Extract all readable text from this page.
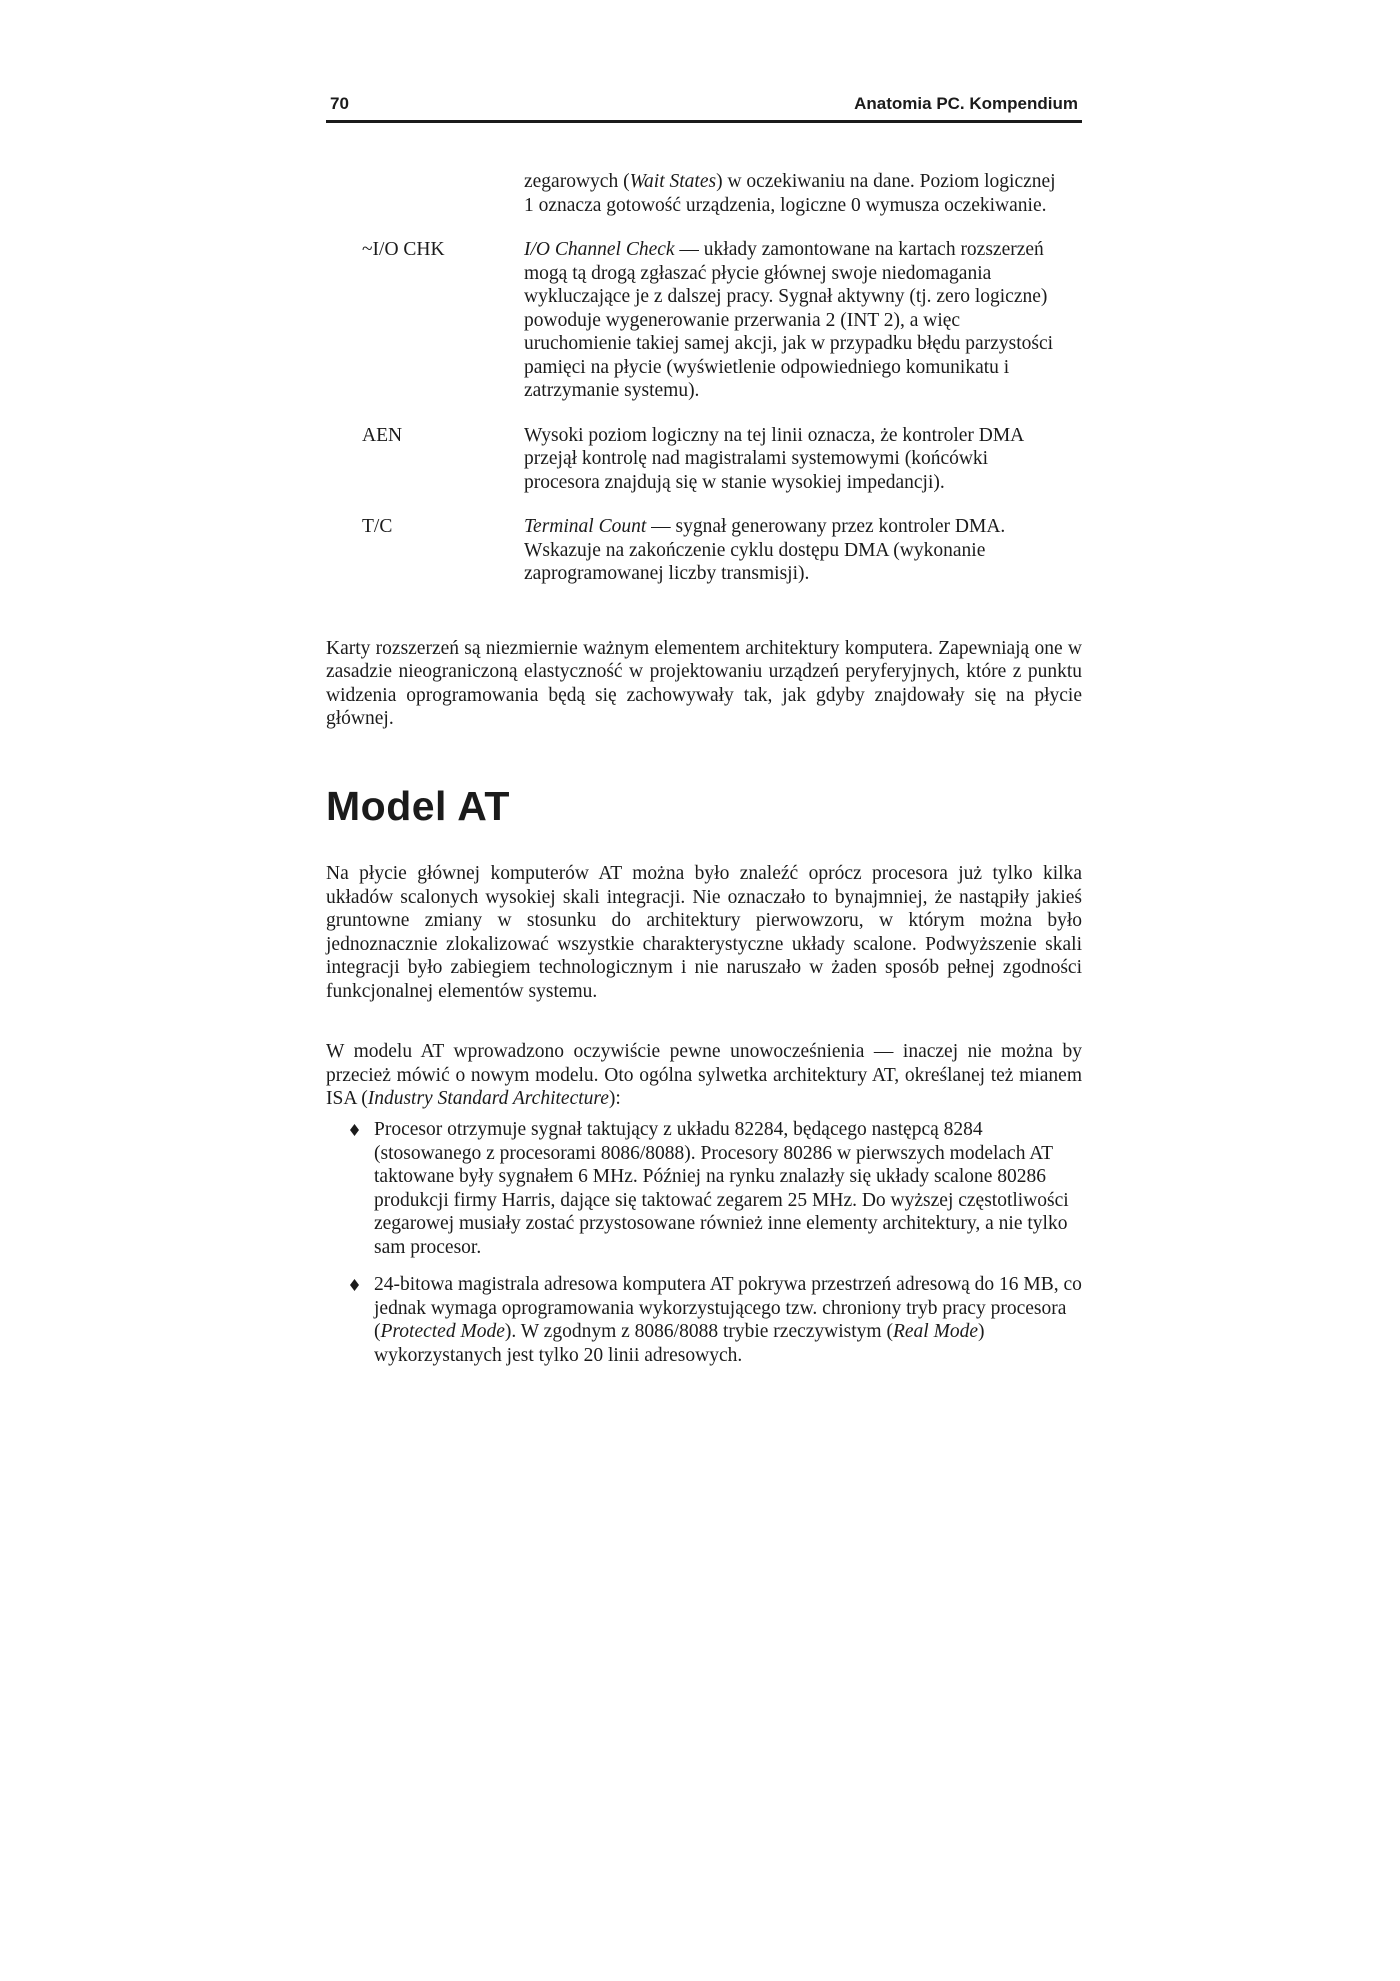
70	Anatomia PC. Kompendium
zegarowych (Wait States) w oczekiwaniu na dane. Poziom logicznej 1 oznacza gotowość urządzenia, logiczne 0 wymusza oczekiwanie.
~I/O CHK	I/O Channel Check — układy zamontowane na kartach rozszerzeń mogą tą drogą zgłaszać płycie głównej swoje niedomagania wykluczające je z dalszej pracy. Sygnał aktywny (tj. zero logiczne) powoduje wygenerowanie przerwania 2 (INT 2), a więc uruchomienie takiej samej akcji, jak w przypadku błędu parzystości pamięci na płycie (wyświetlenie odpowiedniego komunikatu i zatrzymanie systemu).
AEN	Wysoki poziom logiczny na tej linii oznacza, że kontroler DMA przejął kontrolę nad magistralami systemowymi (końcówki procesora znajdują się w stanie wysokiej impedancji).
T/C	Terminal Count — sygnał generowany przez kontroler DMA. Wskazuje na zakończenie cyklu dostępu DMA (wykonanie zaprogramowanej liczby transmisji).

Karty rozszerzeń są niezmiernie ważnym elementem architektury komputera. Zapewniają one w zasadzie nieograniczoną elastyczność w projektowaniu urządzeń peryferyjnych, które z punktu widzenia oprogramowania będą się zachowywały tak, jak gdyby znajdowały się na płycie głównej.

Model AT

Na płycie głównej komputerów AT można było znaleźć oprócz procesora już tylko kilka układów scalonych wysokiej skali integracji. Nie oznaczało to bynajmniej, że nastąpiły jakieś gruntowne zmiany w stosunku do architektury pierwowzoru, w którym można było jednoznacznie zlokalizować wszystkie charakterystyczne układy scalone. Podwyższenie skali integracji było zabiegiem technologicznym i nie naruszało w żaden sposób pełnej zgodności funkcjonalnej elementów systemu.

W modelu AT wprowadzono oczywiście pewne unowocześnienia — inaczej nie można by przecież mówić o nowym modelu. Oto ogólna sylwetka architektury AT, określanej też mianem ISA (Industry Standard Architecture):

Procesor otrzymuje sygnał taktujący z układu 82284, będącego następcą 8284 (stosowanego z procesorami 8086/8088). Procesory 80286 w pierwszych modelach AT taktowane były sygnałem 6 MHz. Później na rynku znalazły się układy scalone 80286 produkcji firmy Harris, dające się taktować zegarem 25 MHz. Do wyższej częstotliwości zegarowej musiały zostać przystosowane również inne elementy architektury, a nie tylko sam procesor.
24-bitowa magistrala adresowa komputera AT pokrywa przestrzeń adresową do 16 MB, co jednak wymaga oprogramowania wykorzystującego tzw. chroniony tryb pracy procesora (Protected Mode). W zgodnym z 8086/8088 trybie rzeczywistym (Real Mode) wykorzystanych jest tylko 20 linii adresowych.
